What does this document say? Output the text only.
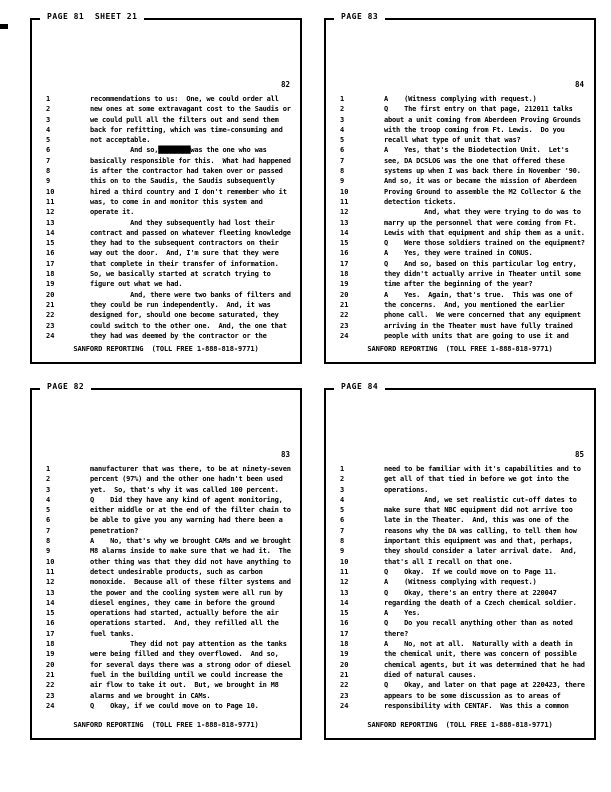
PAGE 81  SHEET 21
82
1	recommendations to us:  One, we could order all
2	new ones at some extravagant cost to the Saudis or
3	we could pull all the filters out and send them
4	back for refitting, which was time-consuming and
5	not acceptable.
6	And so,████████was the one who was
7	basically responsible for this.  What had happened
8	is after the contractor had taken over or passed
9	this on to the Saudis, the Saudis subsequently
10	hired a third country and I don't remember who it
11	was, to come in and monitor this system and
12	operate it.
13	And they subsequently had lost their
14	contract and passed on whatever fleeting knowledge
15	they had to the subsequent contractors on their
16	way out the door.  And, I'm sure that they were
17	that complete in their transfer of information.
18	So, we basically started at scratch trying to
19	figure out what we had.
20	And, there were two banks of filters and
21	they could be run independently.  And, it was
22	designed for, should one become saturated, they
23	could switch to the other one.  And, the one that
24	they had was deemed by the contractor or the
SANFORD REPORTING  (TOLL FREE 1-888-818-9771)
PAGE 83
84
1	A    (Witness complying with request.)
2	Q    The first entry on that page, 212011 talks
3	about a unit coming from Aberdeen Proving Grounds
4	with the troop coming from Ft. Lewis.  Do you
5	recall what type of unit that was?
6	A    Yes, that's the Biodetection Unit.  Let's
7	see, DA DCSLOG was the one that offered these
8	systems up when I was back there in November '90.
9	And so, it was or became the mission of Aberdeen
10	Proving Ground to assemble the M2 Collector & the
11	detection tickets.
12	And, what they were trying to do was to
13	marry up the personnel that were coming from Ft.
14	Lewis with that equipment and ship them as a unit.
15	Q    Were those soldiers trained on the equipment?
16	A    Yes, they were trained in CONUS.
17	Q    And so, based on this particular log entry,
18	they didn't actually arrive in Theater until some
19	time after the beginning of the year?
20	A    Yes.  Again, that's true.  This was one of
21	the concerns.  And, you mentioned the earlier
22	phone call.  We were concerned that any equipment
23	arriving in the Theater must have fully trained
24	people with units that are going to use it and
SANFORD REPORTING  (TOLL FREE 1-888-818-9771)
PAGE 82
83
1	manufacturer that was there, to be at ninety-seven
2	percent (97%) and the other one hadn't been used
3	yet.  So, that's why it was called 100 percent.
4	Q    Did they have any kind of agent monitoring,
5	either middle or at the end of the filter chain to
6	be able to give you any warning had there been a
7	penetration?
8	A    No, that's why we brought CAMs and we brought
9	M8 alarms inside to make sure that we had it.  The
10	other thing was that they did not have anything to
11	detect undesirable products, such as carbon
12	monoxide.  Because all of these filter systems and
13	the power and the cooling system were all run by
14	diesel engines, they came in before the ground
15	operations had started, actually before the air
16	operations started.  And, they refilled all the
17	fuel tanks.
18	They did not pay attention as the tanks
19	were being filled and they overflowed.  And so,
20	for several days there was a strong odor of diesel
21	fuel in the building until we could increase the
22	air flow to take it out.  But, we brought in M8
23	alarms and we brought in CAMs.
24	Q    Okay, if we could move on to Page 10.
SANFORD REPORTING  (TOLL FREE 1-888-818-9771)
PAGE 84
85
1	need to be familiar with it's capabilities and to
2	get all of that tied in before we got into the
3	operations.
4	And, we set realistic cut-off dates to
5	make sure that NBC equipment did not arrive too
6	late in the Theater.  And, this was one of the
7	reasons why the DA was calling, to tell them how
8	important this equipment was and that, perhaps,
9	they should consider a later arrival date.  And,
10	that's all I recall on that one.
11	Q    Okay.  If we could move on to Page 11.
12	A    (Witness complying with request.)
13	Q    Okay, there's an entry there at 220047
14	regarding the death of a Czech chemical soldier.
15	A    Yes.
16	Q    Do you recall anything other than as noted
17	there?
18	A    No, not at all.  Naturally with a death in
19	the chemical unit, there was concern of possible
20	chemical agents, but it was determined that he had
21	died of natural causes.
22	Q    Okay, and later on that page at 220423, there
23	appears to be some discussion as to areas of
24	responsibility with CENTAF.  Was this a common
SANFORD REPORTING  (TOLL FREE 1-888-818-9771)
